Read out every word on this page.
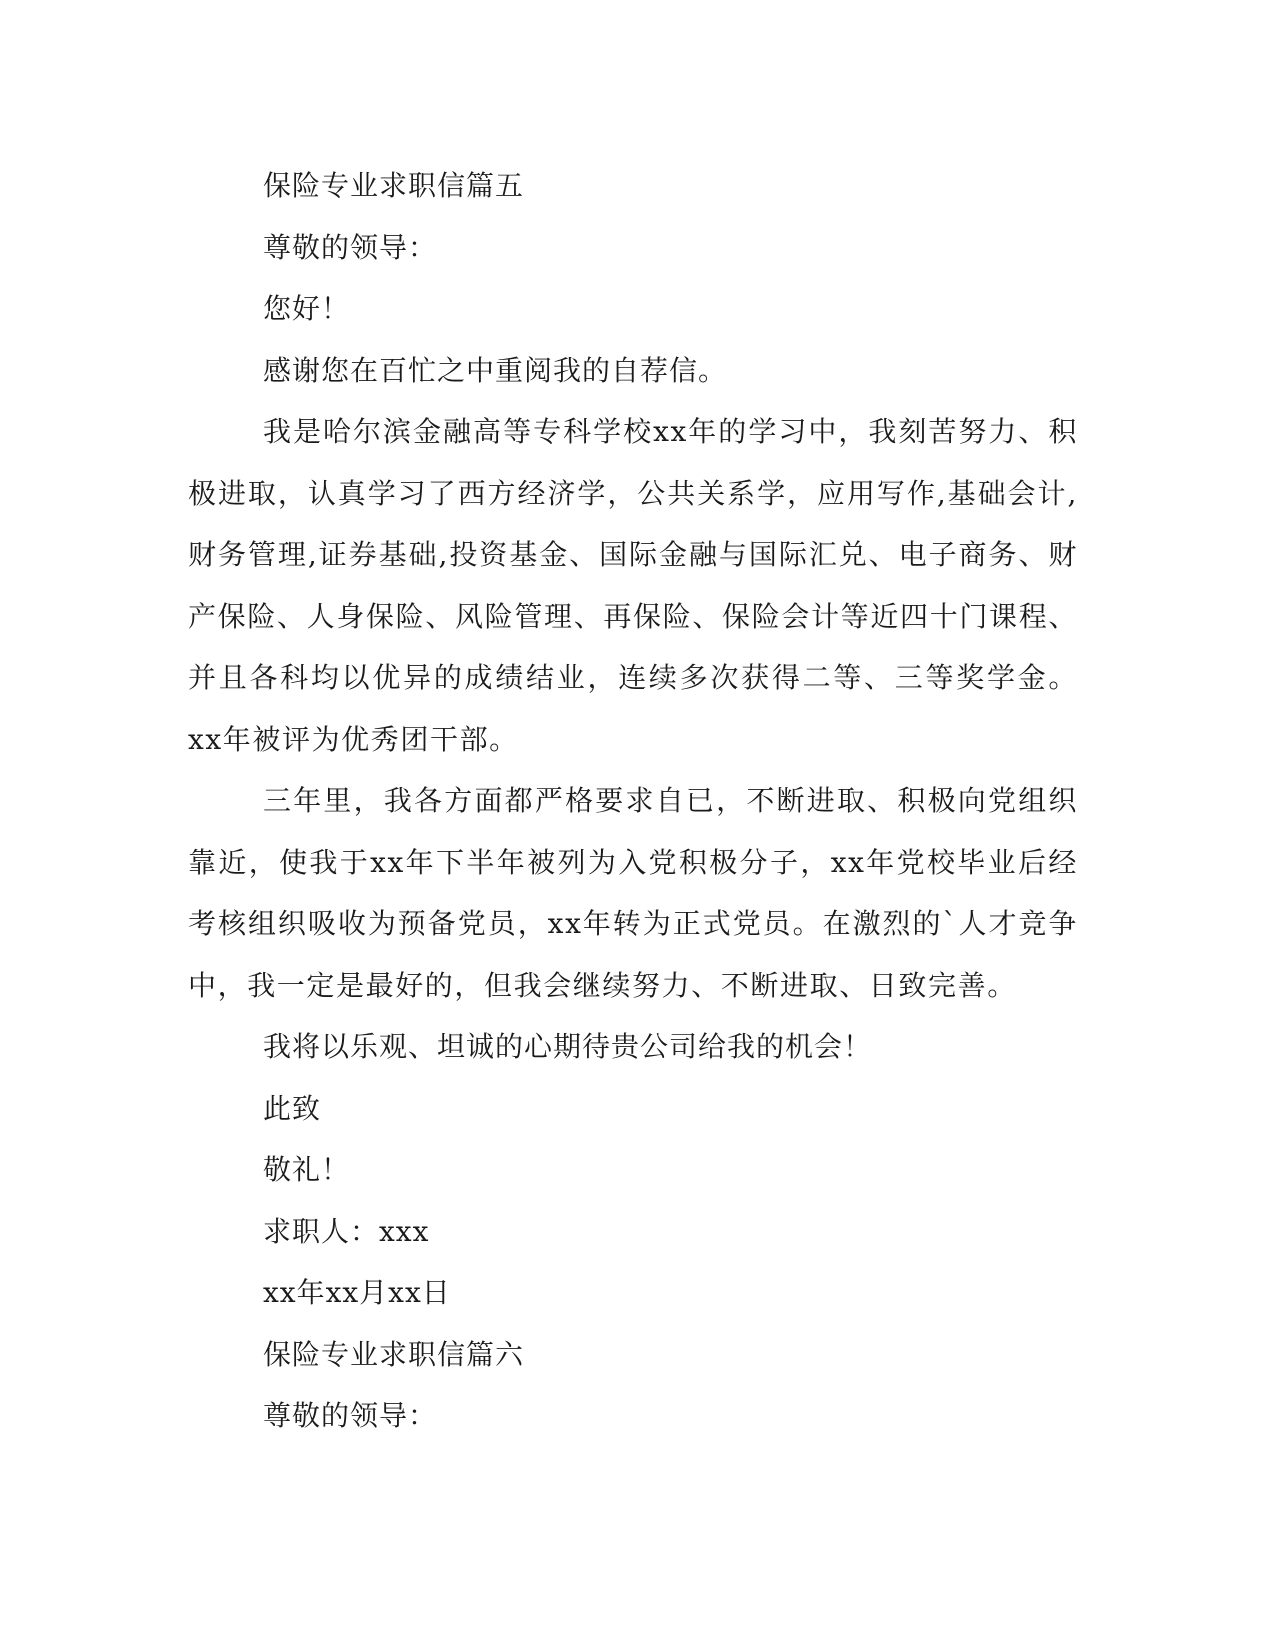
保险专业求职信篇五
尊敬的领导：
您好！
感谢您在百忙之中重阅我的自荐信。

我是哈尔滨金融高等专科学校xx年的学习中，我刻苦努力、积极进取，认真学习了西方经济学，公共关系学，应用写作,基础会计,财务管理,证券基础,投资基金、国际金融与国际汇兑、电子商务、财产保险、人身保险、风险管理、再保险、保险会计等近四十门课程、并且各科均以优异的成绩结业，连续多次获得二等、三等奖学金。xx年被评为优秀团干部。

三年里，我各方面都严格要求自已，不断进取、积极向党组织靠近，使我于xx年下半年被列为入党积极分子，xx年党校毕业后经考核组织吸收为预备党员，xx年转为正式党员。在激烈的`人才竞争中，我一定是最好的，但我会继续努力、不断进取、日致完善。

我将以乐观、坦诚的心期待贵公司给我的机会！
此致
敬礼！
求职人：xxx
xx年xx月xx日
保险专业求职信篇六
尊敬的领导：
